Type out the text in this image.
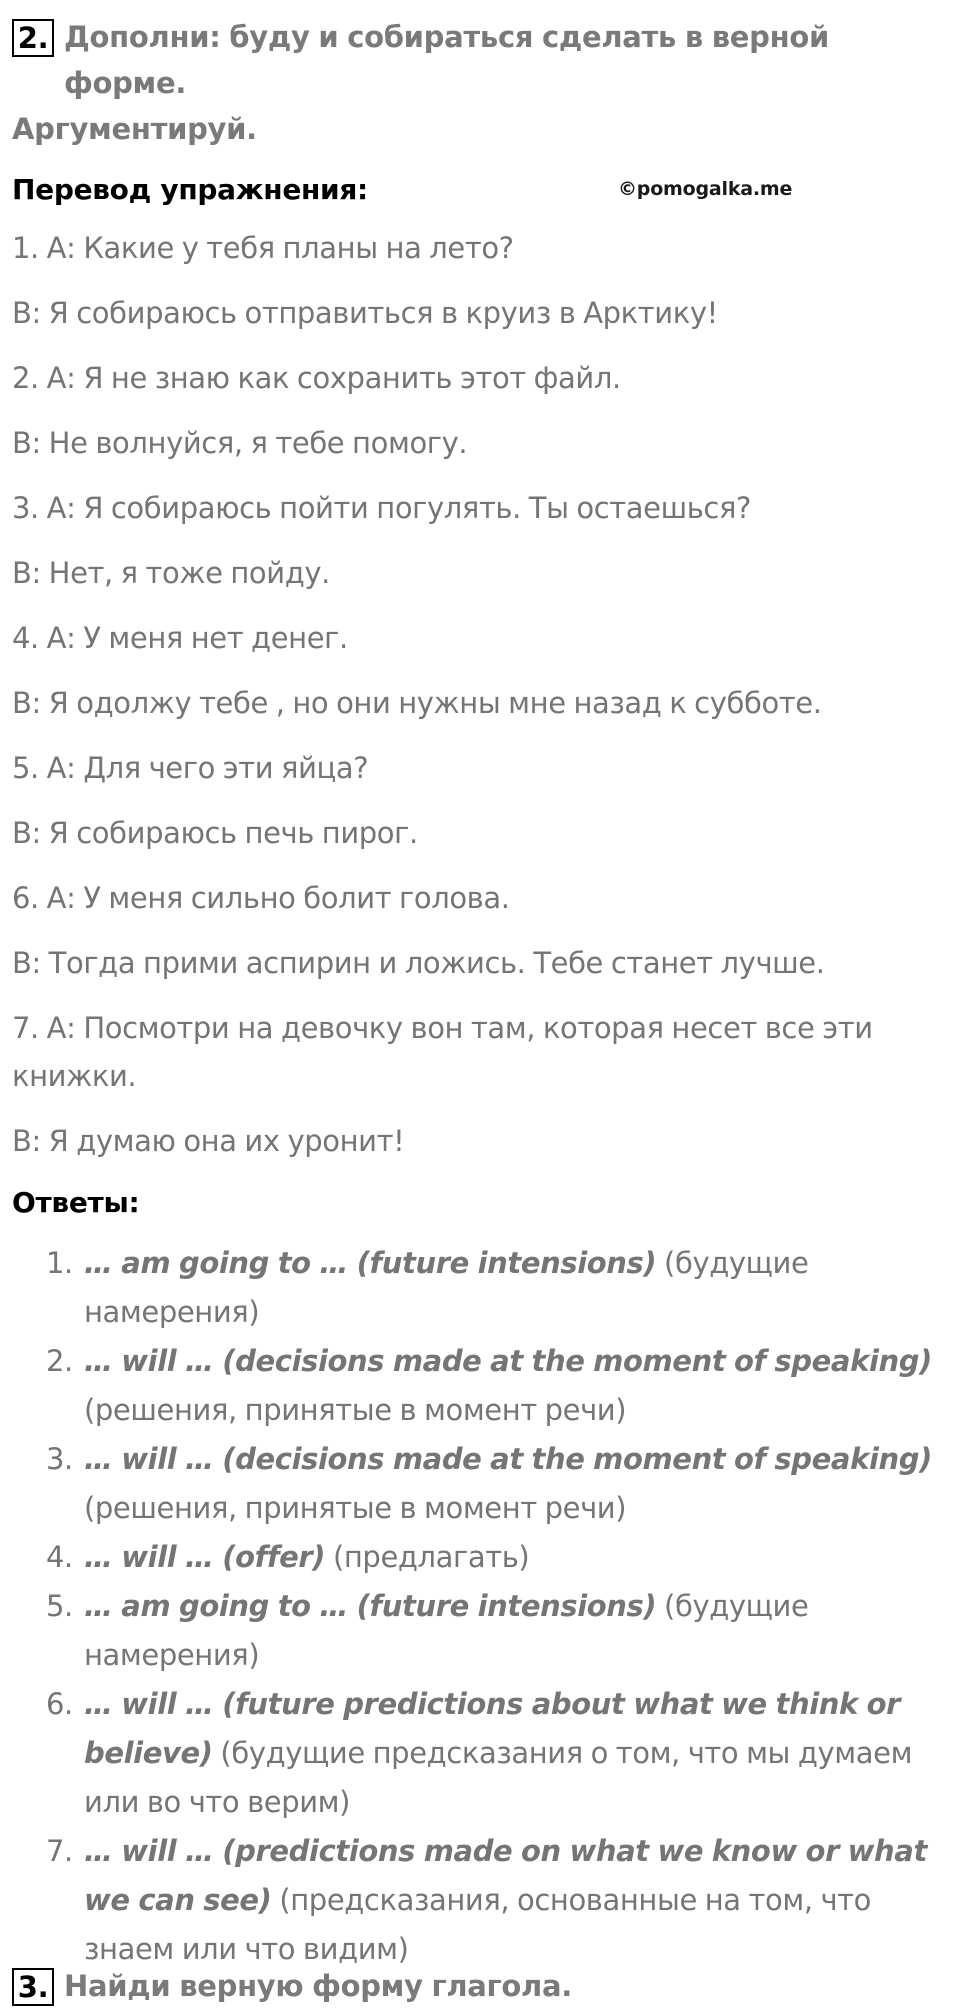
2. Дополни: буду и собираться сделать в верной форме.
Аргументируй.
Перевод упражнения:	©pomogalka.me

1. А: Какие у тебя планы на лето?

В: Я собираюсь отправиться в круиз в Арктику!

2. А: Я не знаю как сохранить этот файл.

В: Не волнуйся, я тебе помогу.

3. А: Я собираюсь пойти погулять. Ты остаешься?

В: Нет, я тоже пойду.

4. А: У меня нет денег.

В: Я одолжу тебе , но они нужны мне назад к субботе.

5. А: Для чего эти яйца?

В: Я собираюсь печь пирог.

6. А: У меня сильно болит голова.

В: Тогда прими аспирин и ложись. Тебе станет лучше.

7. А: Посмотри на девочку вон там, которая несет все эти книжки.

В: Я думаю она их уронит!

Ответы:
1. … am going to … (future intensions) (будущие намерения)
2. … will … (decisions made at the moment of speaking) (решения, принятые в момент речи)
3. … will … (decisions made at the moment of speaking) (решения, принятые в момент речи)
4. … will … (offer) (предлагать)
5. … am going to … (future intensions) (будущие намерения)
6. … will … (future predictions about what we think or believe) (будущие предсказания о том, что мы думаем или во что верим)
7. … will … (predictions made on what we know or what we can see) (предсказания, основанные на том, что знаем или что видим)
3. Найди верную форму глагола.
